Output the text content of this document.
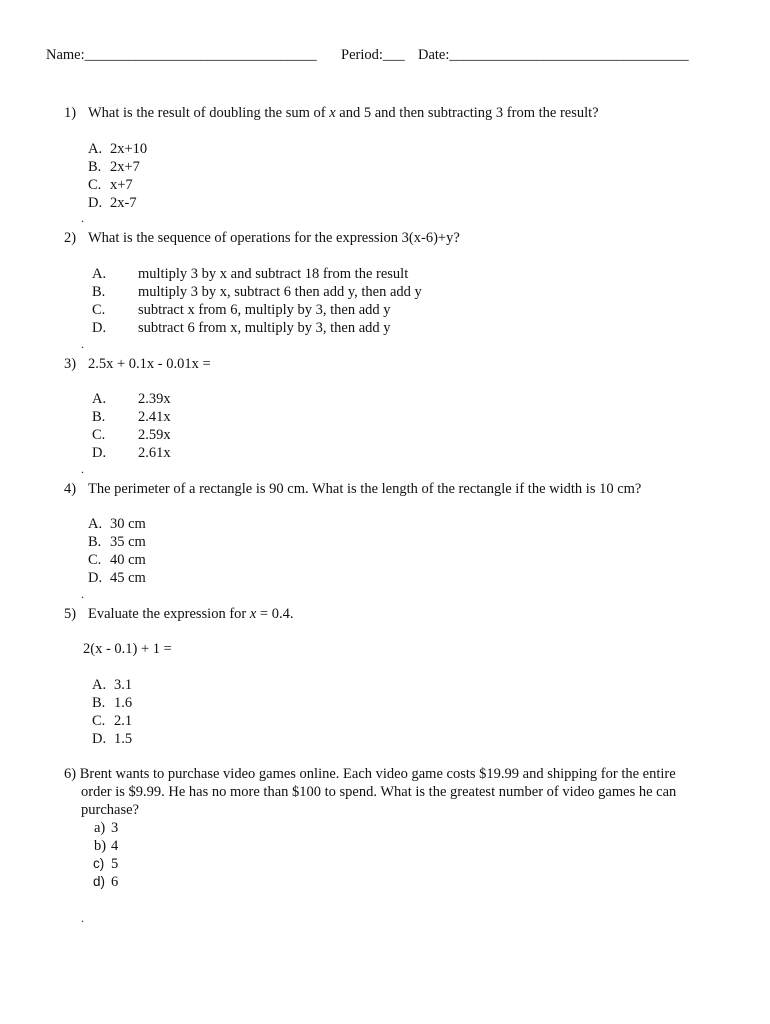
Name:________________________________ Period:___ Date:_________________________________
1) What is the result of doubling the sum of x and 5 and then subtracting 3 from the result?
A. 2x+10
B. 2x+7
C. x+7
D. 2x-7
.
2) What is the sequence of operations for the expression 3(x-6)+y?
A. multiply 3 by x and subtract 18 from the result
B. multiply 3 by x, subtract 6 then add y, then add y
C. subtract x from 6, multiply by 3, then add y
D. subtract 6 from x, multiply by 3, then add y
.
3) 2.5x + 0.1x - 0.01x =
A. 2.39x
B. 2.41x
C. 2.59x
D. 2.61x
.
4) The perimeter of a rectangle is 90 cm. What is the length of the rectangle if the width is 10 cm?
A. 30 cm
B. 35 cm
C. 40 cm
D. 45 cm
.
5) Evaluate the expression for x = 0.4.
2(x - 0.1) + 1 =
A. 3.1
B. 1.6
C. 2.1
D. 1.5
6) Brent wants to purchase video games online. Each video game costs $19.99 and shipping for the entire
order is $9.99. He has no more than $100 to spend. What is the greatest number of video games he can
purchase?
a) 3
b) 4
c) 5
d) 6
.
